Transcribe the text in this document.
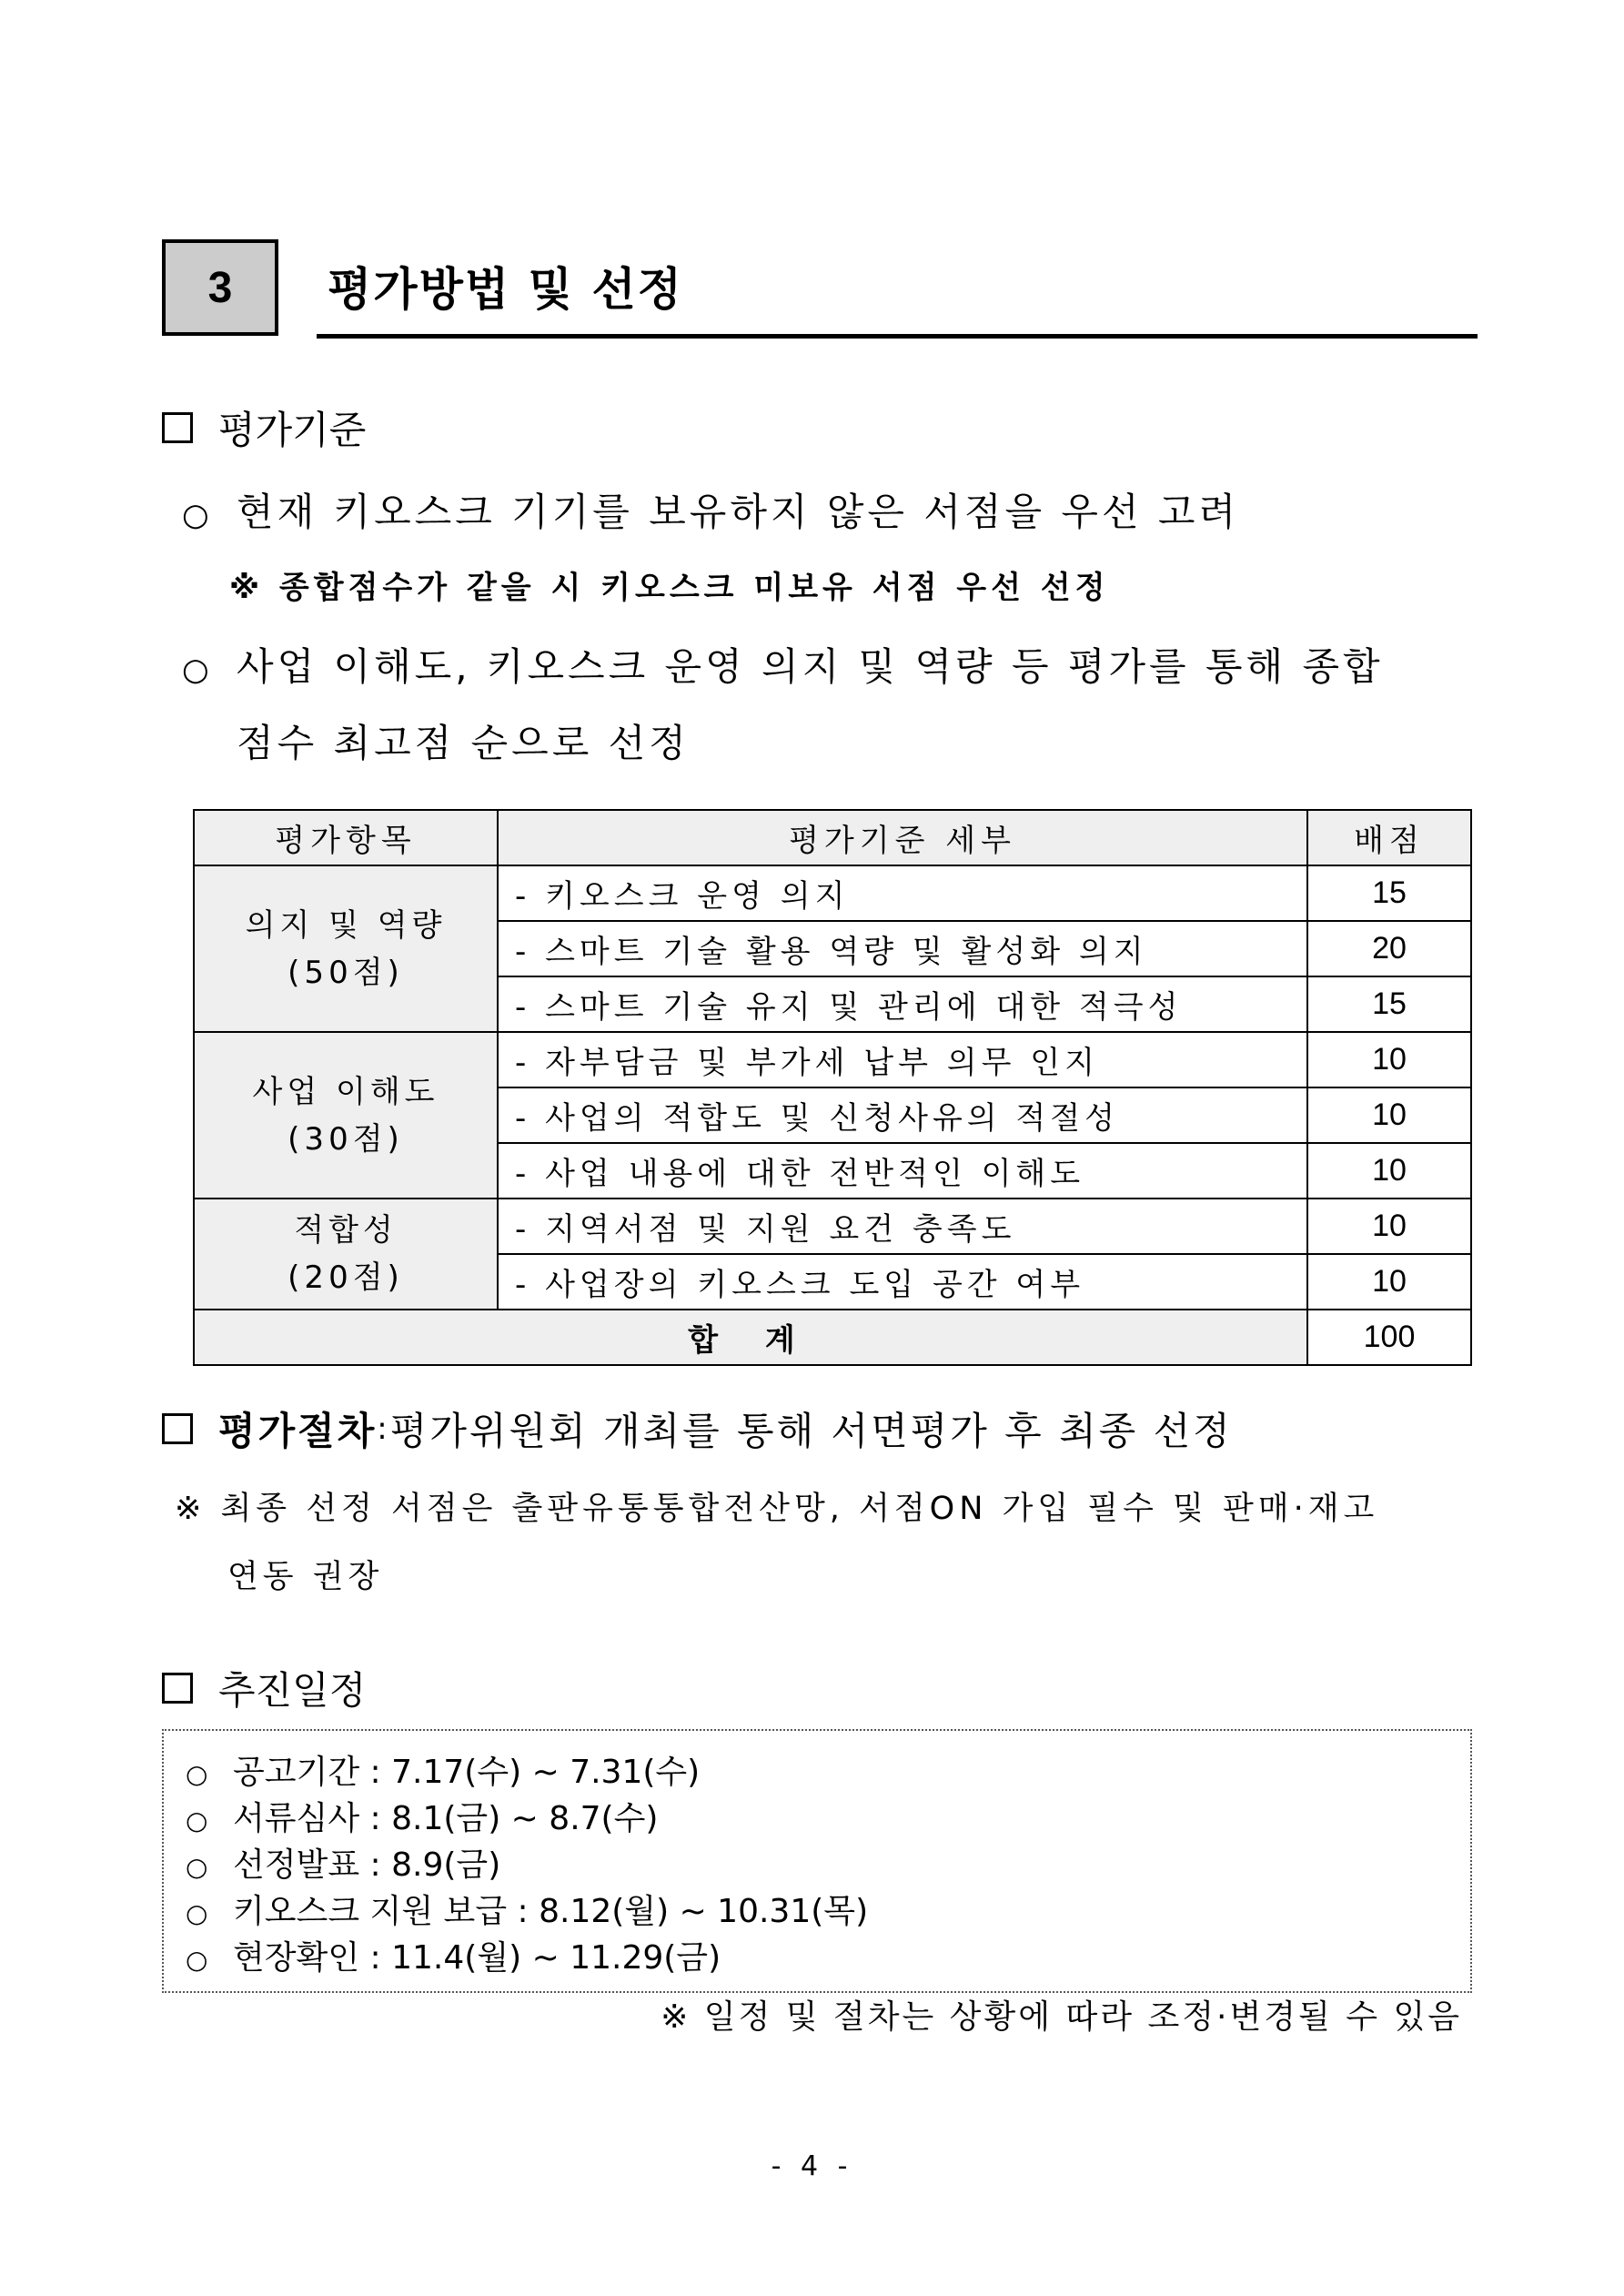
3 평가방법 및 선정
평가기준
○ 현재 키오스크 기기를 보유하지 않은 서점을 우선 고려
※ 종합점수가 같을 시 키오스크 미보유 서점 우선 선정
○ 사업 이해도, 키오스크 운영 의지 및 역량 등 평가를 통해 종합
점수 최고점 순으로 선정
평가항목	평가기준 세부	배점

의지 및 역량
(50점)	- 키오스크 운영 의지	15
	- 스마트 기술 활용 역량 및 활성화 의지	20
	- 스마트 기술 유지 및 관리에 대한 적극성	15

사업 이해도
(30점)	- 자부담금 및 부가세 납부 의무 인지	10
	- 사업의 적합도 및 신청사유의 적절성	10
	- 사업 내용에 대한 전반적인 이해도	10

적합성
(20점)	- 지역서점 및 지원 요건 충족도	10
	- 사업장의 키오스크 도입 공간 여부	10
합 계		100
평가절차 : 평가위원회 개최를 통해 서면평가 후 최종 선정
※ 최종 선정 서점은 출판유통통합전산망, 서점ON 가입 필수 및 판매·재고
연동 권장
추진일정
○ 공고기간 : 7.17(수) ~ 7.31(수)
○ 서류심사 : 8.1(금) ~ 8.7(수)
○ 선정발표 : 8.9(금)
○ 키오스크 지원 보급 : 8.12(월) ~ 10.31(목)
○ 현장확인 : 11.4(월) ~ 11.29(금)
※ 일정 및 절차는 상황에 따라 조정·변경될 수 있음
- 4 -
